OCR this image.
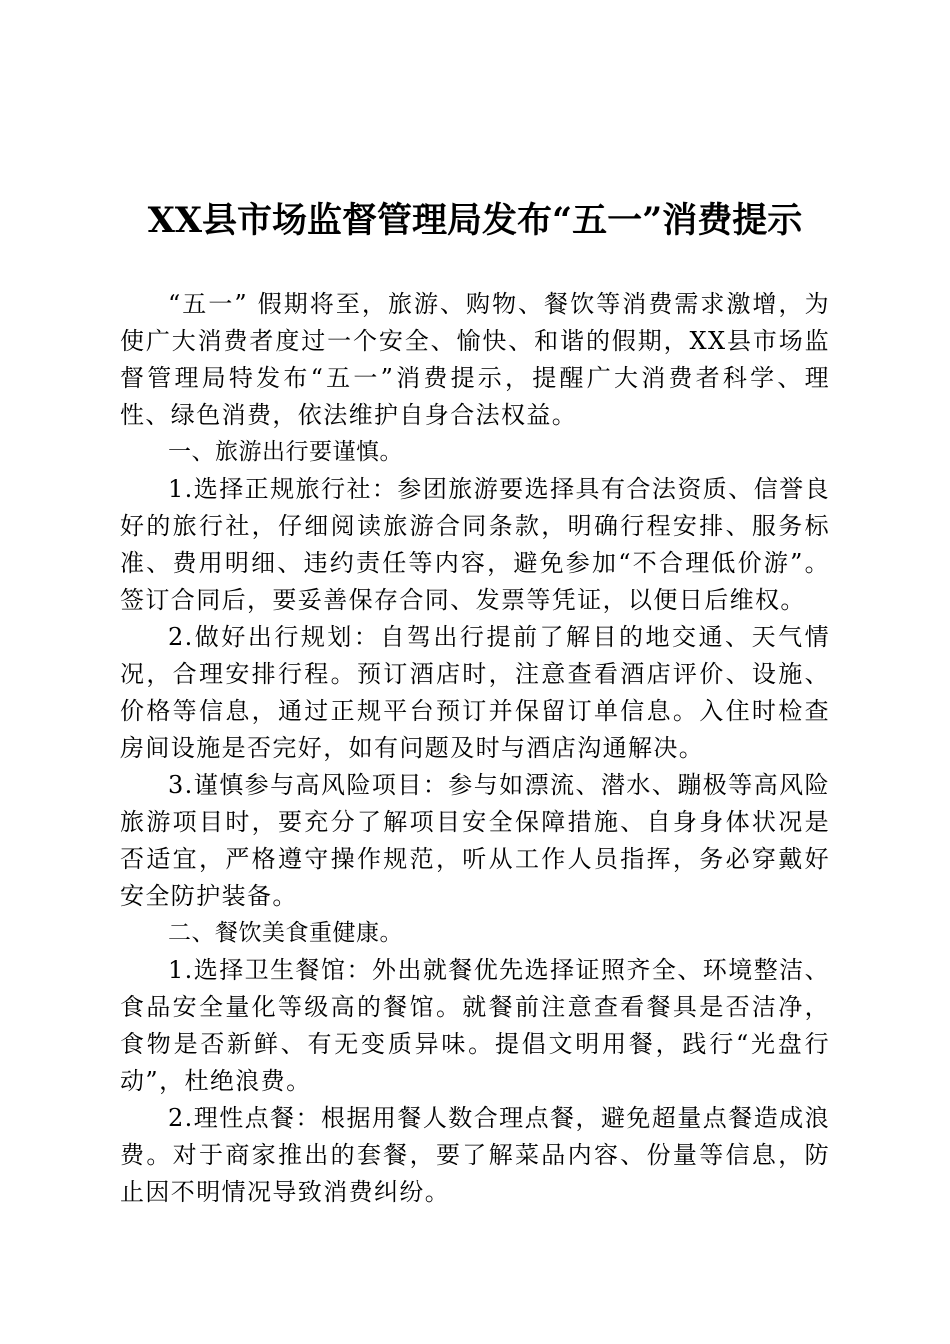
XX县市场监督管理局发布“五一”消费提示

“五一” 假期将至，旅游、购物、餐饮等消费需求激增，为使广大消费者度过一个安全、愉快、和谐的假期，XX县市场监督管理局特发布“五一”消费提示，提醒广大消费者科学、理性、绿色消费，依法维护自身合法权益。

一、旅游出行要谨慎。

1.选择正规旅行社：参团旅游要选择具有合法资质、信誉良好的旅行社，仔细阅读旅游合同条款，明确行程安排、服务标准、费用明细、违约责任等内容，避免参加“不合理低价游”。签订合同后，要妥善保存合同、发票等凭证，以便日后维权。

2.做好出行规划：自驾出行提前了解目的地交通、天气情况，合理安排行程。预订酒店时，注意查看酒店评价、设施、价格等信息，通过正规平台预订并保留订单信息。入住时检查房间设施是否完好，如有问题及时与酒店沟通解决。

3.谨慎参与高风险项目：参与如漂流、潜水、蹦极等高风险旅游项目时，要充分了解项目安全保障措施、自身身体状况是否适宜，严格遵守操作规范，听从工作人员指挥，务必穿戴好安全防护装备。

二、餐饮美食重健康。

1.选择卫生餐馆：外出就餐优先选择证照齐全、环境整洁、食品安全量化等级高的餐馆。就餐前注意查看餐具是否洁净，食物是否新鲜、有无变质异味。提倡文明用餐，践行“光盘行动”，杜绝浪费。

2.理性点餐：根据用餐人数合理点餐，避免超量点餐造成浪费。对于商家推出的套餐，要了解菜品内容、份量等信息，防止因不明情况导致消费纠纷。
